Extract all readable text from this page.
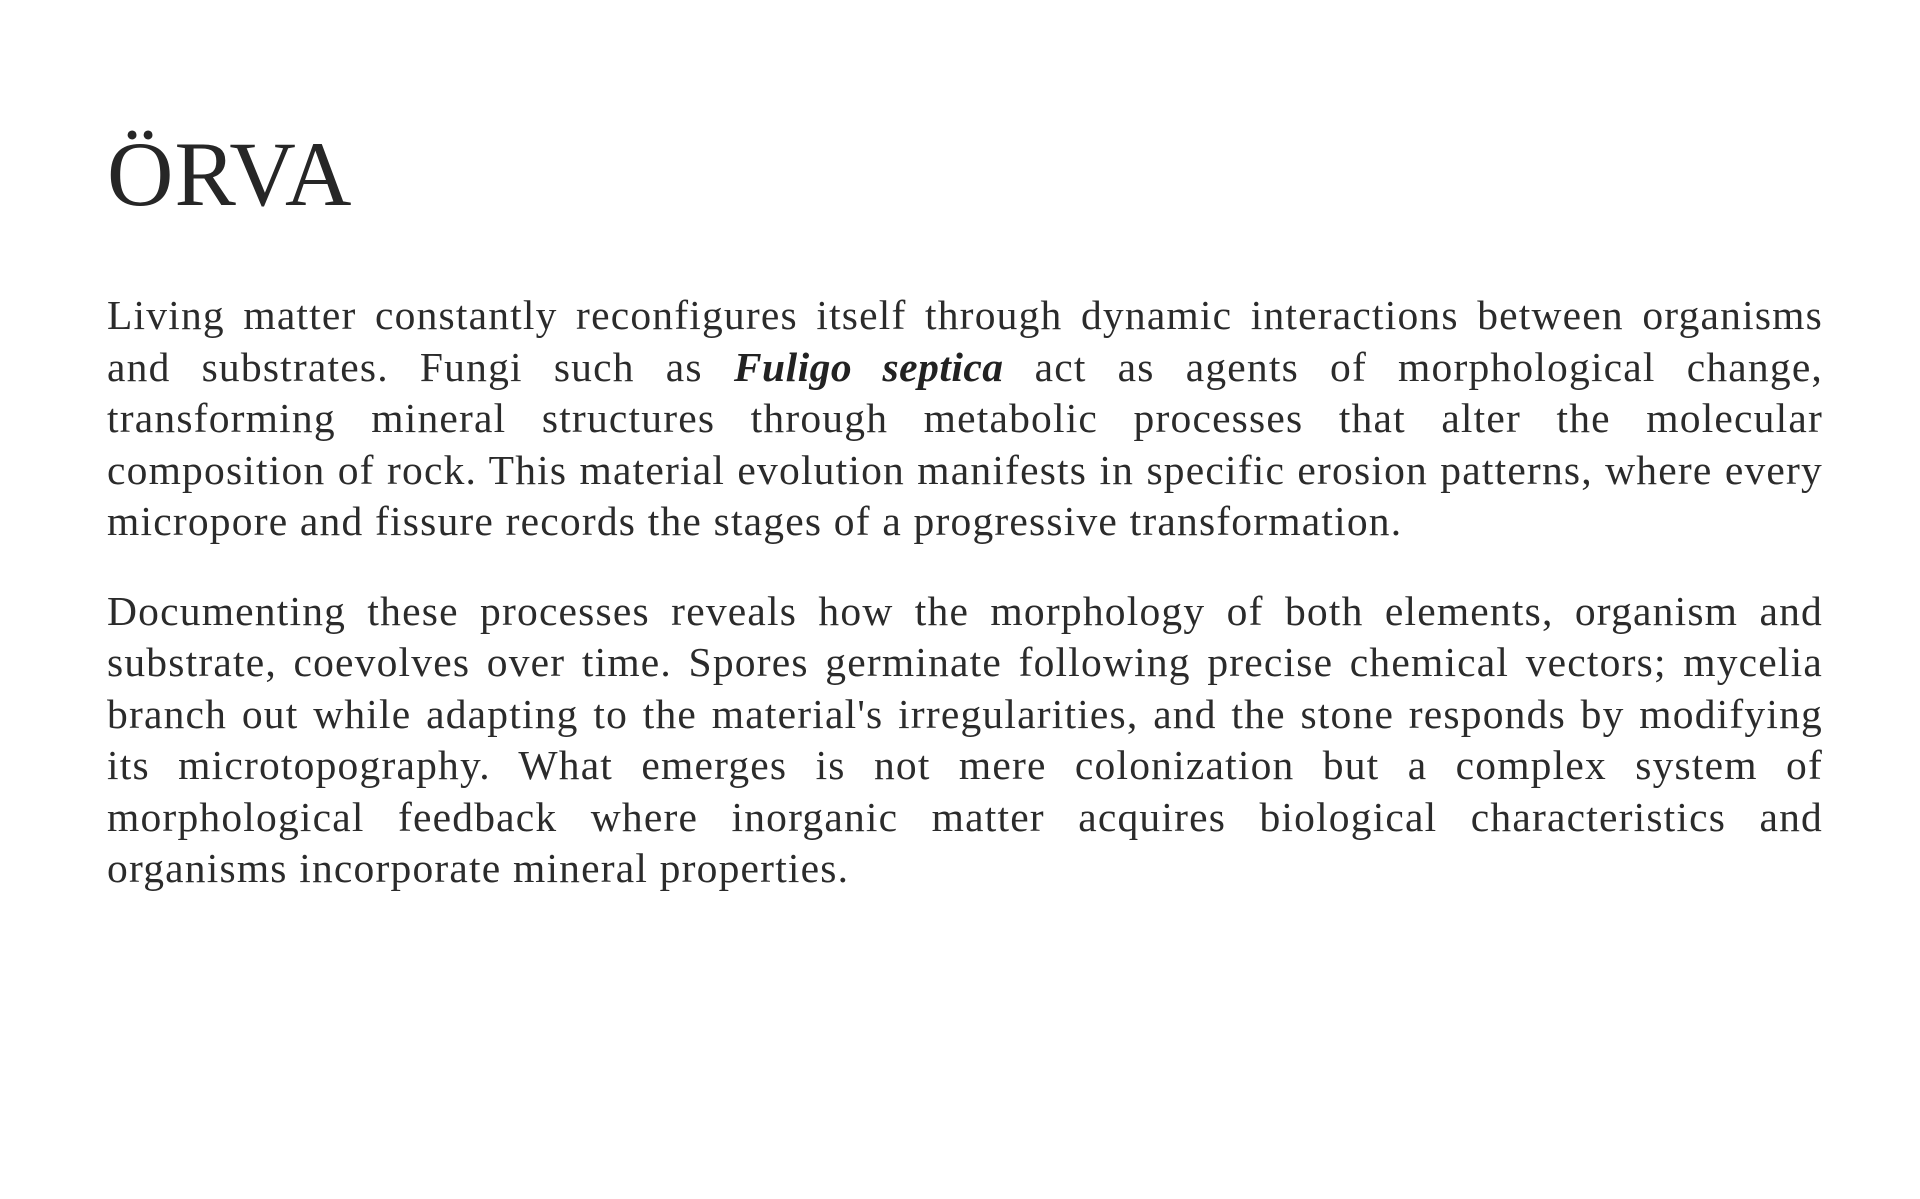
ÖRVA

Living matter constantly reconfigures itself through dynamic interactions between organisms and substrates. Fungi such as Fuligo septica act as agents of morphological change, transforming mineral structures through metabolic processes that alter the molecular composition of rock. This material evolution manifests in specific erosion patterns, where every micropore and fissure records the stages of a progressive transformation.

Documenting these processes reveals how the morphology of both elements, organism and substrate, coevolves over time. Spores germinate following precise chemical vectors; mycelia branch out while adapting to the material's irregularities, and the stone responds by modifying its microtopography. What emerges is not mere colonization but a complex system of morphological feedback where inorganic matter acquires biological characteristics and organisms incorporate mineral properties.
